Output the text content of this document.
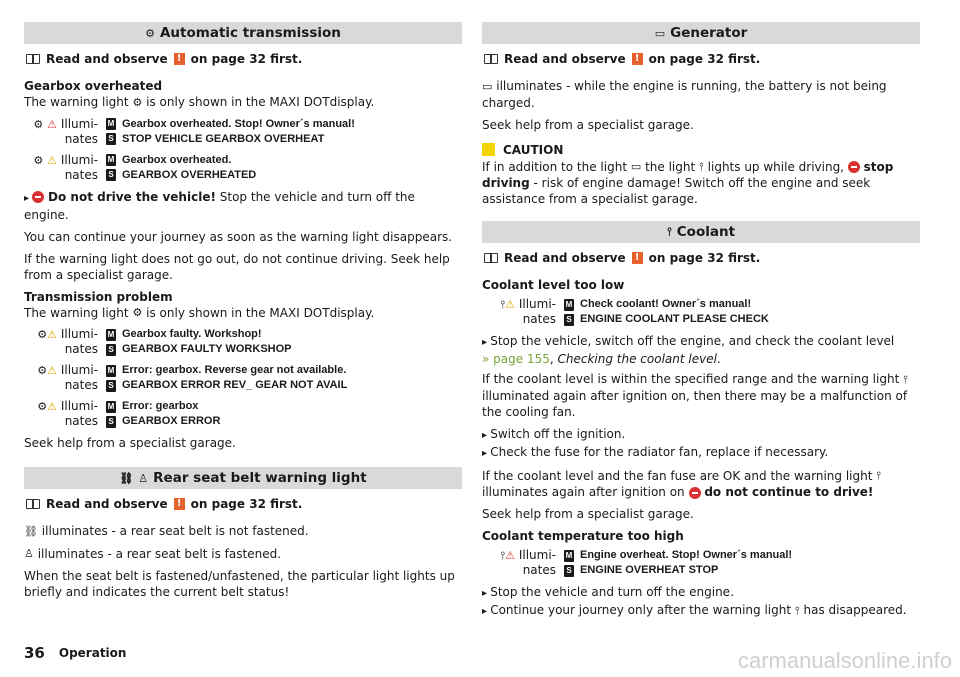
⚙ Automatic transmission
Read and observe ! on page 32 first.

Gearbox overheated

The warning light ⚙ is only shown in the MAXI DOTdisplay.

⚙ ⚠ Illumi-
nates
M Gearbox overheated. Stop! Owner´s manual!
S STOP VEHICLE GEARBOX OVERHEAT
⚙ ⚠ Illumi-
nates
M Gearbox overheated.
S GEARBOX OVERHEATED

▸  Do not drive the vehicle! Stop the vehicle and turn off the engine.

You can continue your journey as soon as the warning light disappears.

If the warning light does not go out, do not continue driving. Seek help from a specialist garage.

Transmission problem

The warning light ⚙ is only shown in the MAXI DOTdisplay.

⚙⚠ Illumi-
nates
M Gearbox faulty. Workshop!
S GEARBOX FAULTY WORKSHOP
⚙⚠ Illumi-
nates
M Error: gearbox. Reverse gear not available.
S GEARBOX ERROR REV_ GEAR NOT AVAIL
⚙⚠ Illumi-
nates
M Error: gearbox
S GEARBOX ERROR

Seek help from a specialist garage.

⛓ ♙ Rear seat belt warning light
Read and observe ! on page 32 first.

⛓ illuminates - a rear seat belt is not fastened.

♙ illuminates - a rear seat belt is fastened.

When the seat belt is fastened/unfastened, the particular light lights up briefly and indicates the current belt status!

▭ Generator
Read and observe ! on page 32 first.

▭ illuminates - while the engine is running, the battery is not being charged.

Seek help from a specialist garage.

CAUTION

If in addition to the light ▭ the light ⫯ lights up while driving, stop driving - risk of engine damage! Switch off the engine and seek assistance from a specialist garage.

⫯ Coolant
Read and observe ! on page 32 first.

Coolant level too low

⫯⚠ Illumi-
nates
M Check coolant! Owner´s manual!
S ENGINE COOLANT PLEASE CHECK

▸ Stop the vehicle, switch off the engine, and check the coolant level
» page 155, Checking the coolant level.

If the coolant level is within the specified range and the warning light ⫯ illuminated again after ignition on, then there may be a malfunction of the cooling fan.

▸ Switch off the ignition.

▸ Check the fuse for the radiator fan, replace if necessary.

If the coolant level and the fan fuse are OK and the warning light ⫯ illuminates again after ignition on do not continue to drive!

Seek help from a specialist garage.

Coolant temperature too high

⫯⚠ Illumi-
nates
M Engine overheat. Stop! Owner´s manual!
S ENGINE OVERHEAT STOP

▸ Stop the vehicle and turn off the engine.

▸ Continue your journey only after the warning light ⫯ has disappeared.

36 Operation	carmanualsonline.info
